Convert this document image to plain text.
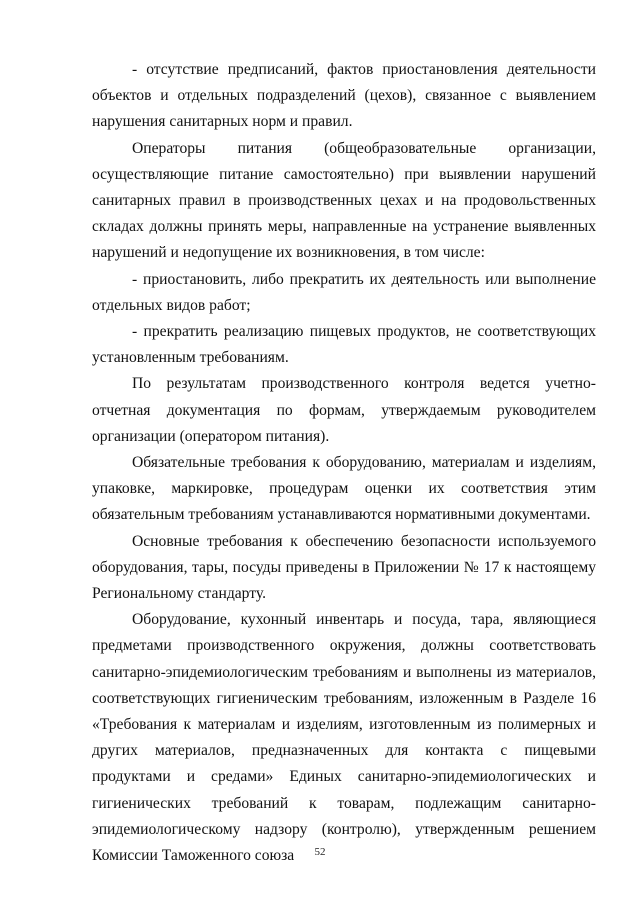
- отсутствие предписаний, фактов приостановления деятельности объектов и отдельных подразделений (цехов), связанное с выявлением нарушения санитарных норм и правил.

Операторы питания (общеобразовательные организации, осуществляющие питание самостоятельно) при выявлении нарушений санитарных правил в производственных цехах и на продовольственных складах должны принять меры, направленные на устранение выявленных нарушений и недопущение их возникновения, в том числе:

- приостановить, либо прекратить их деятельность или выполнение отдельных видов работ;

- прекратить реализацию пищевых продуктов, не соответствующих установленным требованиям.

По результатам производственного контроля ведется учетно-отчетная документация по формам, утверждаемым руководителем организации (оператором питания).

Обязательные требования к оборудованию, материалам и изделиям, упаковке, маркировке, процедурам оценки их соответствия этим обязательным требованиям устанавливаются нормативными документами.

Основные требования к обеспечению безопасности используемого оборудования, тары, посуды приведены в Приложении № 17 к настоящему Региональному стандарту.

Оборудование, кухонный инвентарь и посуда, тара, являющиеся предметами производственного окружения, должны соответствовать санитарно-эпидемиологическим требованиям и выполнены из материалов, соответствующих гигиеническим требованиям, изложенным в Разделе 16 «Требования к материалам и изделиям, изготовленным из полимерных и других материалов, предназначенных для контакта с пищевыми продуктами и средами» Единых санитарно-эпидемиологических и гигиенических требований к товарам, подлежащим санитарно-эпидемиологическому надзору (контролю), утвержденным решением Комиссии Таможенного союза	52
